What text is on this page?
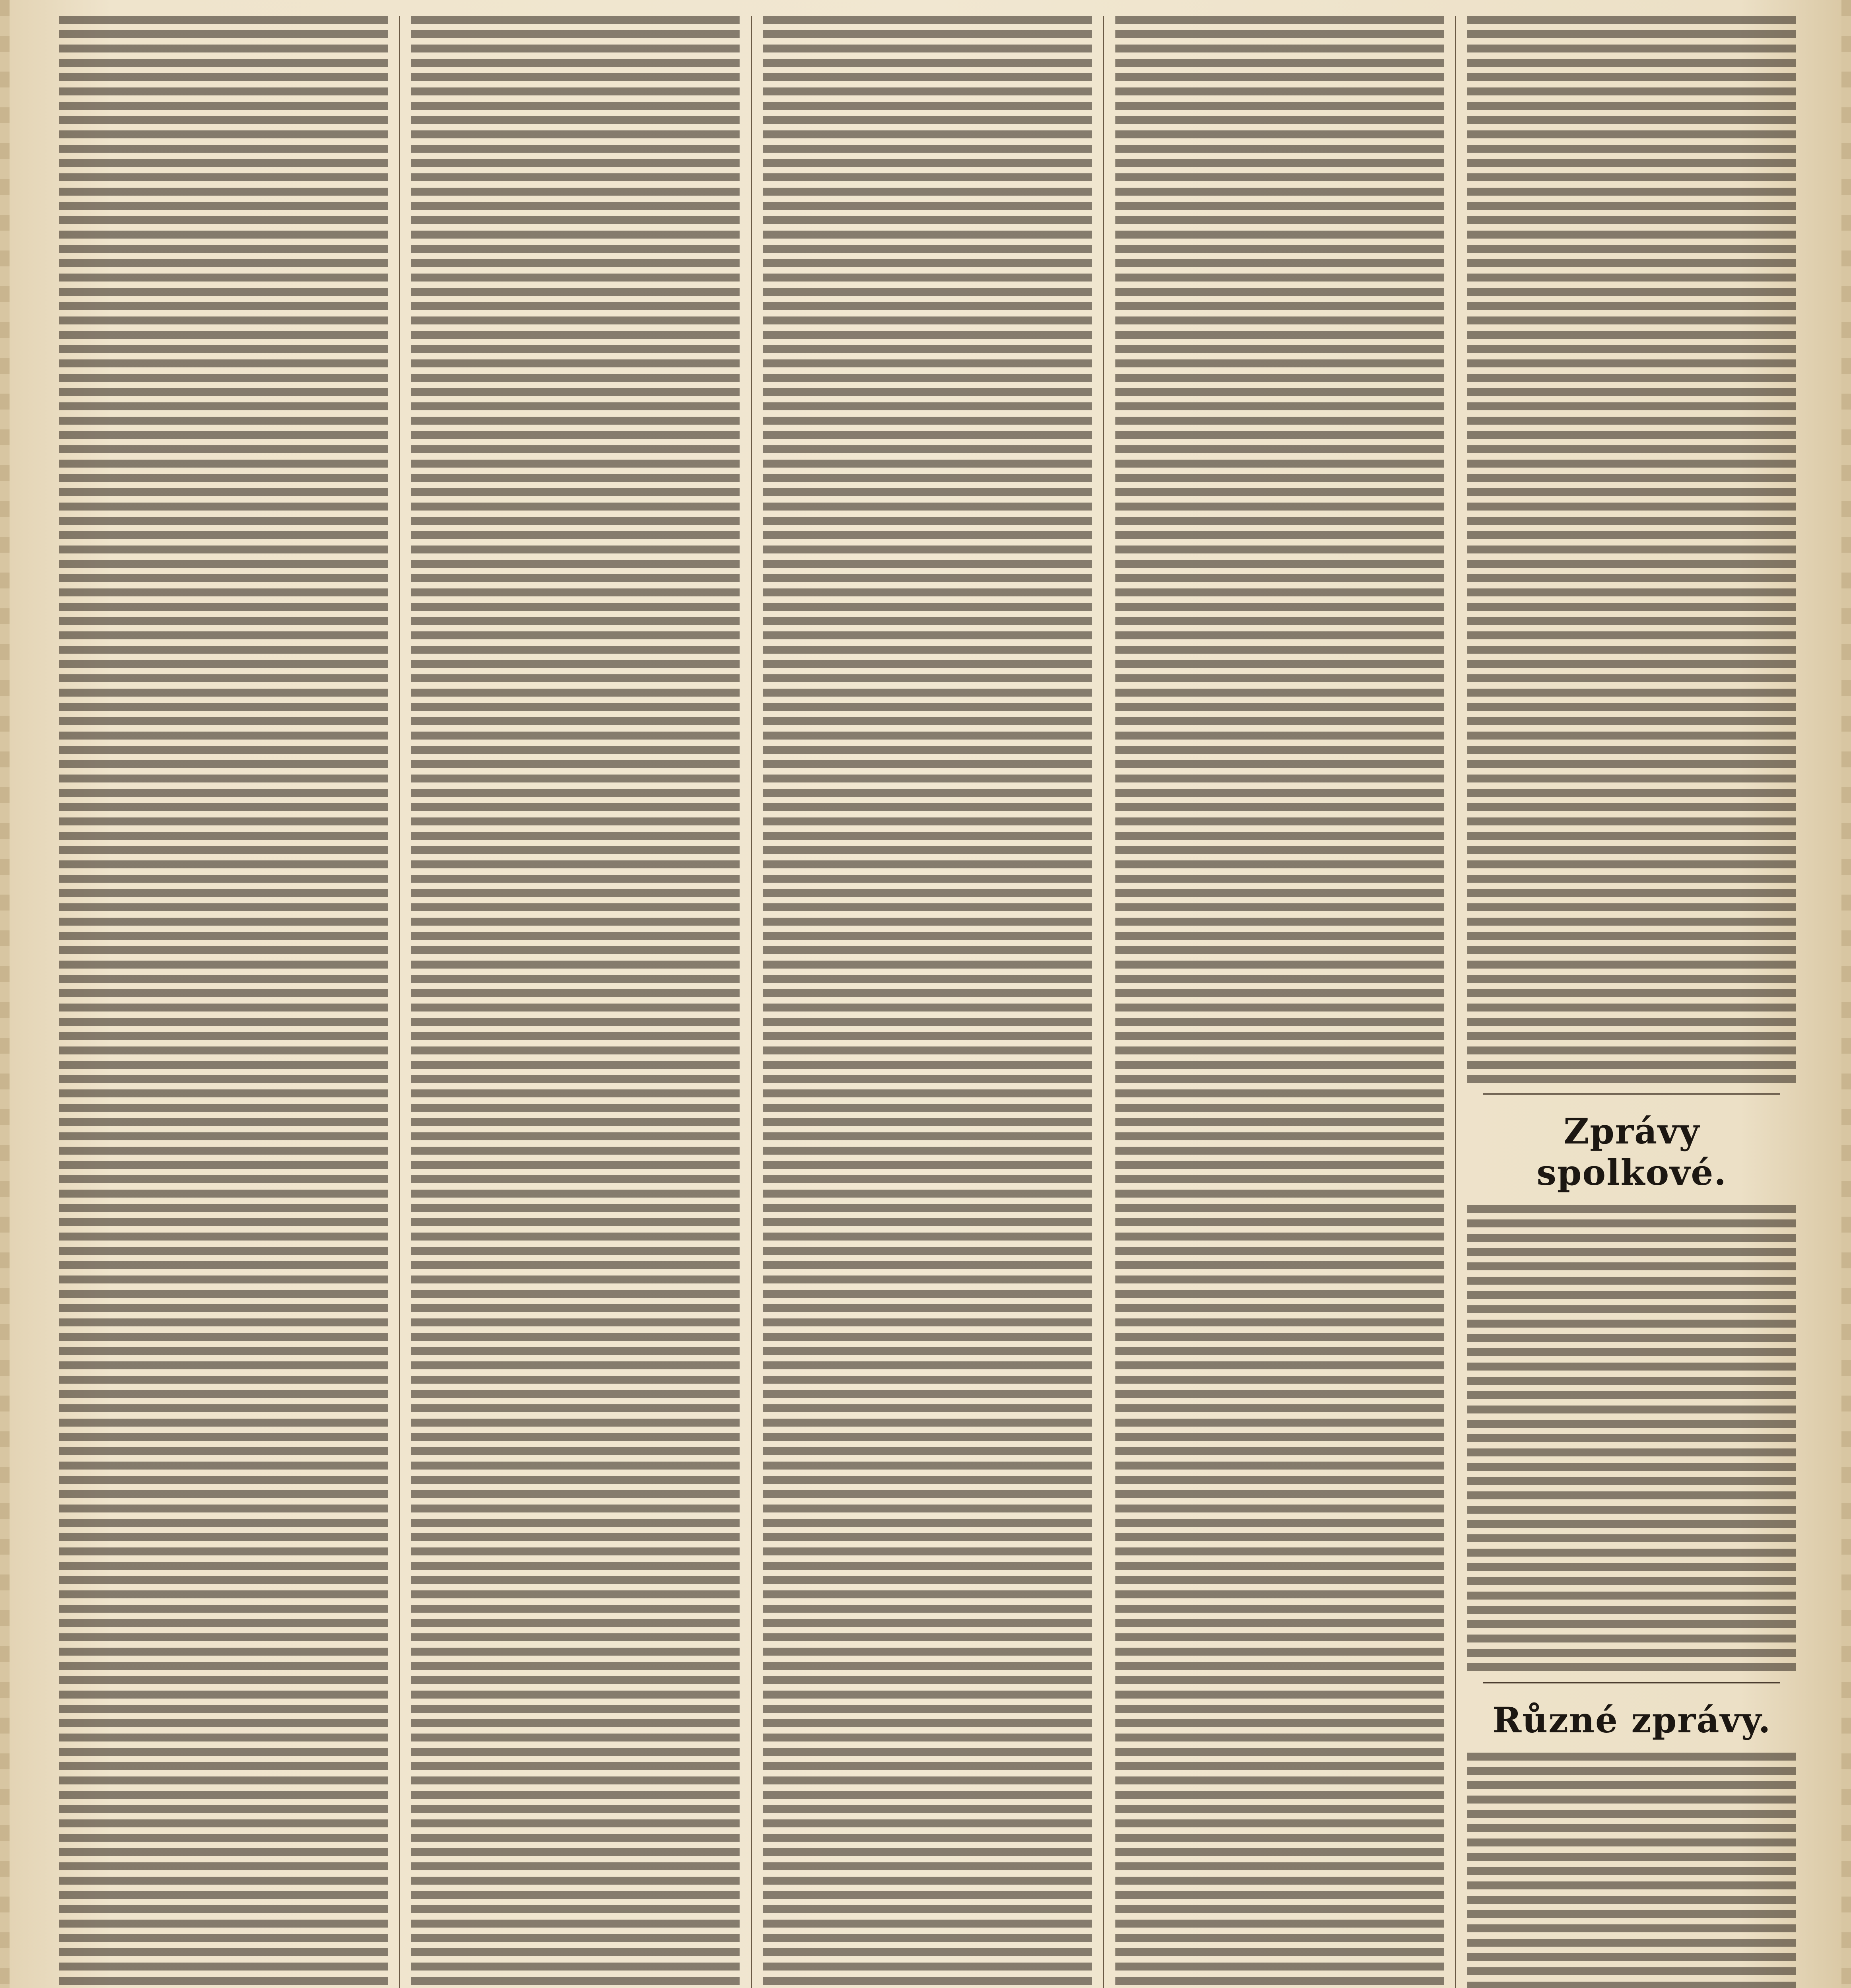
Zprávy spolkové.
Různé zprávy.
